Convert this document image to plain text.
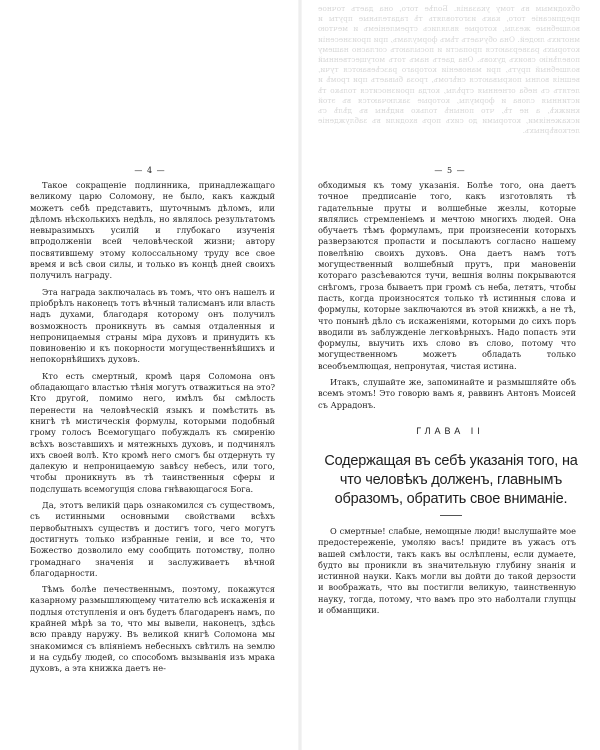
обходимым въ тому указанія. Болѣе того, она даетъ точное предписаніе того, какъ изготовлять тѣ гадательные пруты и волшебные жезлы, которые являлись стремленіемъ и мечтою многихъ людей. Она обучаетъ тѣмъ формуламъ, при произнесеніи которыхъ разверзаются пропасти и посылаютъ согласно нашему повелѣнію своихъ духовъ. Она даетъ намъ тотъ могущественный волшебный прутъ, при мановеніи котораго разсѣеваются тучи, вешнія волны покрываются снѣгомъ, гроза бываетъ при громѣ и летятъ съ неба огненныя стрѣлы, когда произносится только тѣ истинныя слова и формулы, которые заключаются въ этой книжкѣ, а не тѣ, что понынѣ только видѣны въ дѣлѣ съ искаженіями, которыми до сихъ поръ входили въ заблужденіе легковѣрныхъ.
— 4 —

Такое сокращеніе подлинника, принадлежащаго великому царю Соломону, не было, какъ каждый можетъ себѣ представить, шуточнымъ дѣломъ, или дѣломъ нѣсколькихъ недѣль, но являлось результатомъ невыразимыхъ усилій и глубокаго изученія впродолженіи всей человѣческой жизни; автору посвятившему этому колоссальному труду все свое время и всѣ свои силы, и только въ концѣ дней своихъ получилъ награду.

Эта награда заключалась въ томъ, что онъ нашелъ и пріобрѣлъ наконецъ тотъ вѣчный талисманъ или власть надъ духами, благодаря которому онъ получилъ возможность проникнуть въ самыя отдаленныя и непроницаемыя страны міра духовъ и принудить къ повиновенію и къ покорности могущественнѣйшихъ и непокорнѣйшихъ духовъ.

Кто есть смертный, кромѣ царя Соломона онъ обладающаго властью тѣнія могутъ отважиться на это? Кто другой, помимо него, имѣлъ бы смѣлость перенести на человѣческій языкъ и помѣстить въ книгѣ тѣ мистическія формулы, которыми подобный грому голосъ Всемогущаго побуждалъ къ смиренію всѣхъ возставшихъ и мятежныхъ духовъ, и подчинялъ ихъ своей волѣ. Кто кромѣ него смогъ бы отдернуть ту далекую и непроницаемую завѣсу небесъ, или того, чтобы проникнуть въ тѣ таинственныя сферы и подслушать всемогущія слова гнѣвающагося Бога.

Да, этотъ великій царь ознакомился съ существомъ, съ истинными основными свойствами всѣхъ первобытныхъ существъ и достигъ того, чего могутъ достигнуть только избранные геніи, и все то, что Божество дозволило ему сообщить потомству, полно громаднаго значенія и заслуживаетъ вѣчной благодарности.

Тѣмъ болѣе печественнымъ, поэтому, покажутся казарному размышляющему читателю всѣ искаженія и подлыя отступленія и онъ будетъ благодаренъ намъ, по крайней мѣрѣ за то, что мы вывели, наконецъ, здѣсь всю правду наружу. Въ великой книгѣ Соломона мы знакомимся съ вліяніемъ небесныхъ свѣтилъ на землю и на судьбу людей, со способомъ вызыванія изъ мрака духовъ, а эта книжка даетъ не-

— 5 —

обходимыя къ тому указанія. Болѣе того, она даетъ точное предписаніе того, какъ изготовлять тѣ гадательные пруты и волшебные жезлы, которые являлись стремленіемъ и мечтою многихъ людей. Она обучаетъ тѣмъ формуламъ, при произнесеніи которыхъ разверзаются пропасти и посылаютъ согласно нашему повелѣнію своихъ духовъ. Она даетъ намъ тотъ могущественный волшебный прутъ, при мановеніи котораго разсѣеваются тучи, вешнія волны покрываются снѣгомъ, гроза бываетъ при громѣ съ неба, летятъ, чтобы пасть, когда произносятся только тѣ истинныя слова и формулы, которые заключаются въ этой книжкѣ, а не тѣ, что понынѣ дѣло съ искаженіями, которыми до сихъ поръ вводили въ заблужденіе легковѣрныхъ. Надо попасть эти формулы, выучить ихъ слово въ слово, потому что могущественномъ можетъ обладать только всеобъемлющая, непронутая, чистая истина.

Итакъ, слушайте же, запоминайте и размышляйте объ всемъ этомъ! Это говорю вамъ я, раввинъ Антонъ Моисей съ Аррадонъ.

ГЛАВА II
Содержащая въ себѣ указанія того, на что человѣкъ долженъ, главнымъ образомъ, обратить свое вниманіе.

О смертные! слабые, немощные люди! выслушайте мое предостереженіе, умоляю васъ! придите въ ужасъ отъ вашей смѣлости, такъ какъ вы ослѣплены, если думаете, будто вы проникли въ значительную глубину знанія и истинной науки. Какъ могли вы дойти до такой дерзости и воображать, что вы постигли великую, таинственную науку, тогда, потому, что вамъ про это наболтали глупцы и обманщики.
